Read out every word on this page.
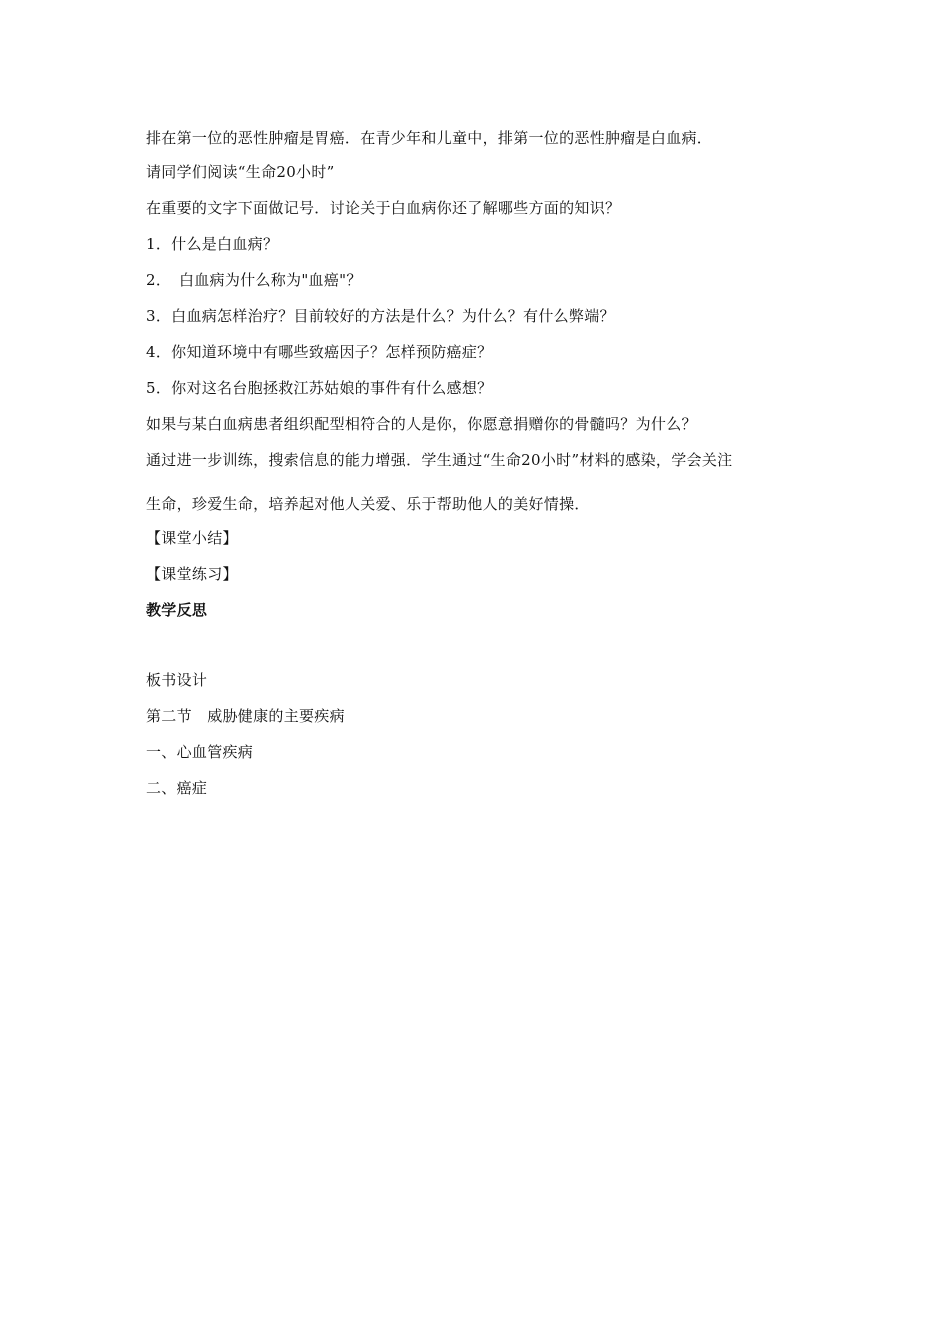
排在第一位的恶性肿瘤是胃癌．在青少年和儿童中，排第一位的恶性肿瘤是白血病．
请同学们阅读“生命20小时”
在重要的文字下面做记号．讨论关于白血病你还了解哪些方面的知识？
1．什么是白血病？
2．　白血病为什么称为"血癌"？
3．白血病怎样治疗？目前较好的方法是什么？为什么？有什么弊端？
4．你知道环境中有哪些致癌因子？怎样预防癌症？
5．你对这名台胞拯救江苏姑娘的事件有什么感想？
如果与某白血病患者组织配型相符合的人是你，你愿意捐赠你的骨髓吗？为什么？
通过进一步训练，搜索信息的能力增强．学生通过“生命20小时”材料的感染，学会关注
生命，珍爱生命，培养起对他人关爱、乐于帮助他人的美好情操．
【课堂小结】
【课堂练习】
教学反思
板书设计
第二节　威胁健康的主要疾病
一、心血管疾病
二、癌症
